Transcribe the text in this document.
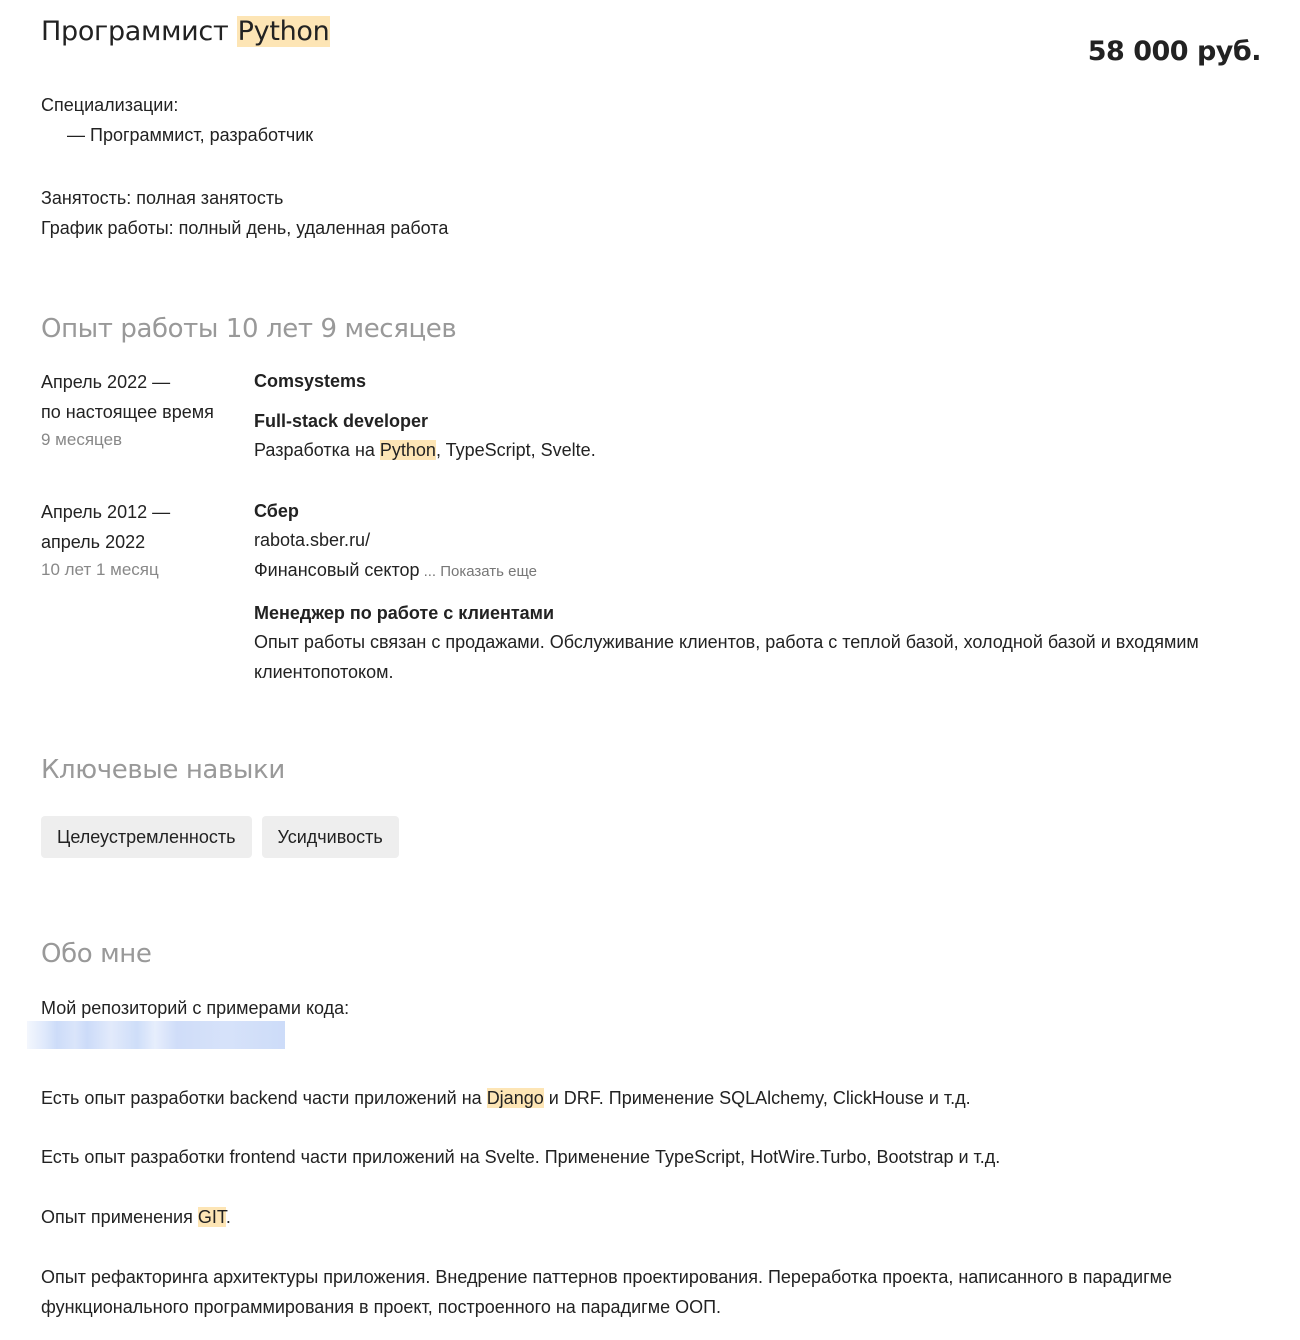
Программист Python
58 000 руб.
Специализации:
— Программист, разработчик
Занятость: полная занятость
График работы: полный день, удаленная работа
Опыт работы 10 лет 9 месяцев
Апрель 2022 —
по настоящее время
9 месяцев
Comsystems
Full-stack developer
Разработка на Python, TypeScript, Svelte.
Апрель 2012 —
апрель 2022
10 лет 1 месяц
Сбер
rabota.sber.ru/
Финансовый сектор ... Показать еще
Менеджер по работе с клиентами
Опыт работы связан с продажами. Обслуживание клиентов, работа с теплой базой, холодной базой и входямим клиентопотоком.
Ключевые навыки
Целеустремленность	Усидчивость
Обо мне
Мой репозиторий с примерами кода:
Есть опыт разработки backend части приложений на Django и DRF. Применение SQLAlchemy, ClickHouse и т.д.
Есть опыт разработки frontend части приложений на Svelte. Применение TypeScript, HotWire.Turbo, Bootstrap и т.д.
Опыт применения GIT.
Опыт рефакторинга архитектуры приложения. Внедрение паттернов проектирования. Переработка проекта, написанного в парадигме
функционального программирования в проект, построенного на парадигме ООП.
